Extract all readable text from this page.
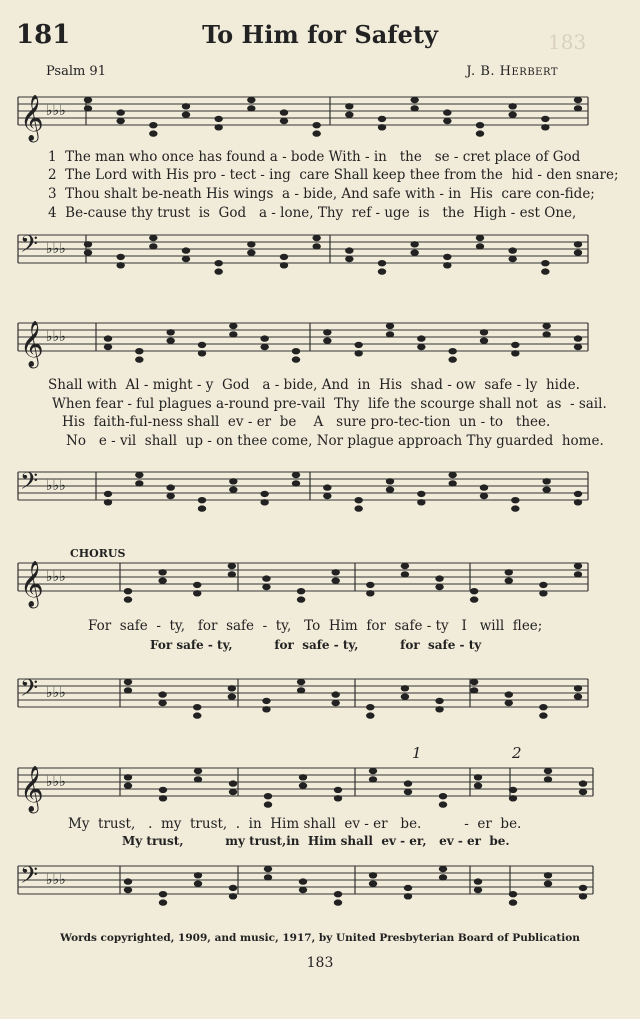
181	To Him for Safety	183
Psalm 91	J. B. HERBERT
𝄞 ♭♭♭
𝄢 ♭♭♭
𝄞 ♭♭♭
𝄢 ♭♭♭
𝄞 ♭♭♭
𝄢 ♭♭♭
𝄞 ♭♭♭
𝄢 ♭♭♭
1  The man who once has found a - bode With - in   the   se - cret place of God
2  The Lord with His pro - tect - ing  care Shall keep thee from the  hid - den snare;
3  Thou shalt be-neath His wings  a - bide, And safe with - in  His  care con-fide;
4  Be-cause thy trust  is  God   a - lone, Thy  ref - uge  is   the  High - est One,
Shall with  Al - might - y  God   a - bide, And  in  His  shad - ow  safe - ly  hide.
When fear - ful plagues a-round pre-vail  Thy  life the scourge shall not  as  - sail.
His  faith-ful-ness shall  ev - er  be    A   sure pro-tec-tion  un - to   thee.
No   e - vil  shall  up - on thee come, Nor plague approach Thy guarded  home.
CHORUS
For  safe  -  ty,   for  safe  -  ty,   To  Him  for  safe - ty   I   will  flee;
For safe - ty,          for  safe - ty,          for  safe - ty
1	2
My  trust,   .  my  trust,  .  in  Him shall  ev - er   be.          -  er  be.
My trust,          my trust,in  Him shall  ev - er,   ev - er  be.
Words copyrighted, 1909, and music, 1917, by United Presbyterian Board of Publication
183
